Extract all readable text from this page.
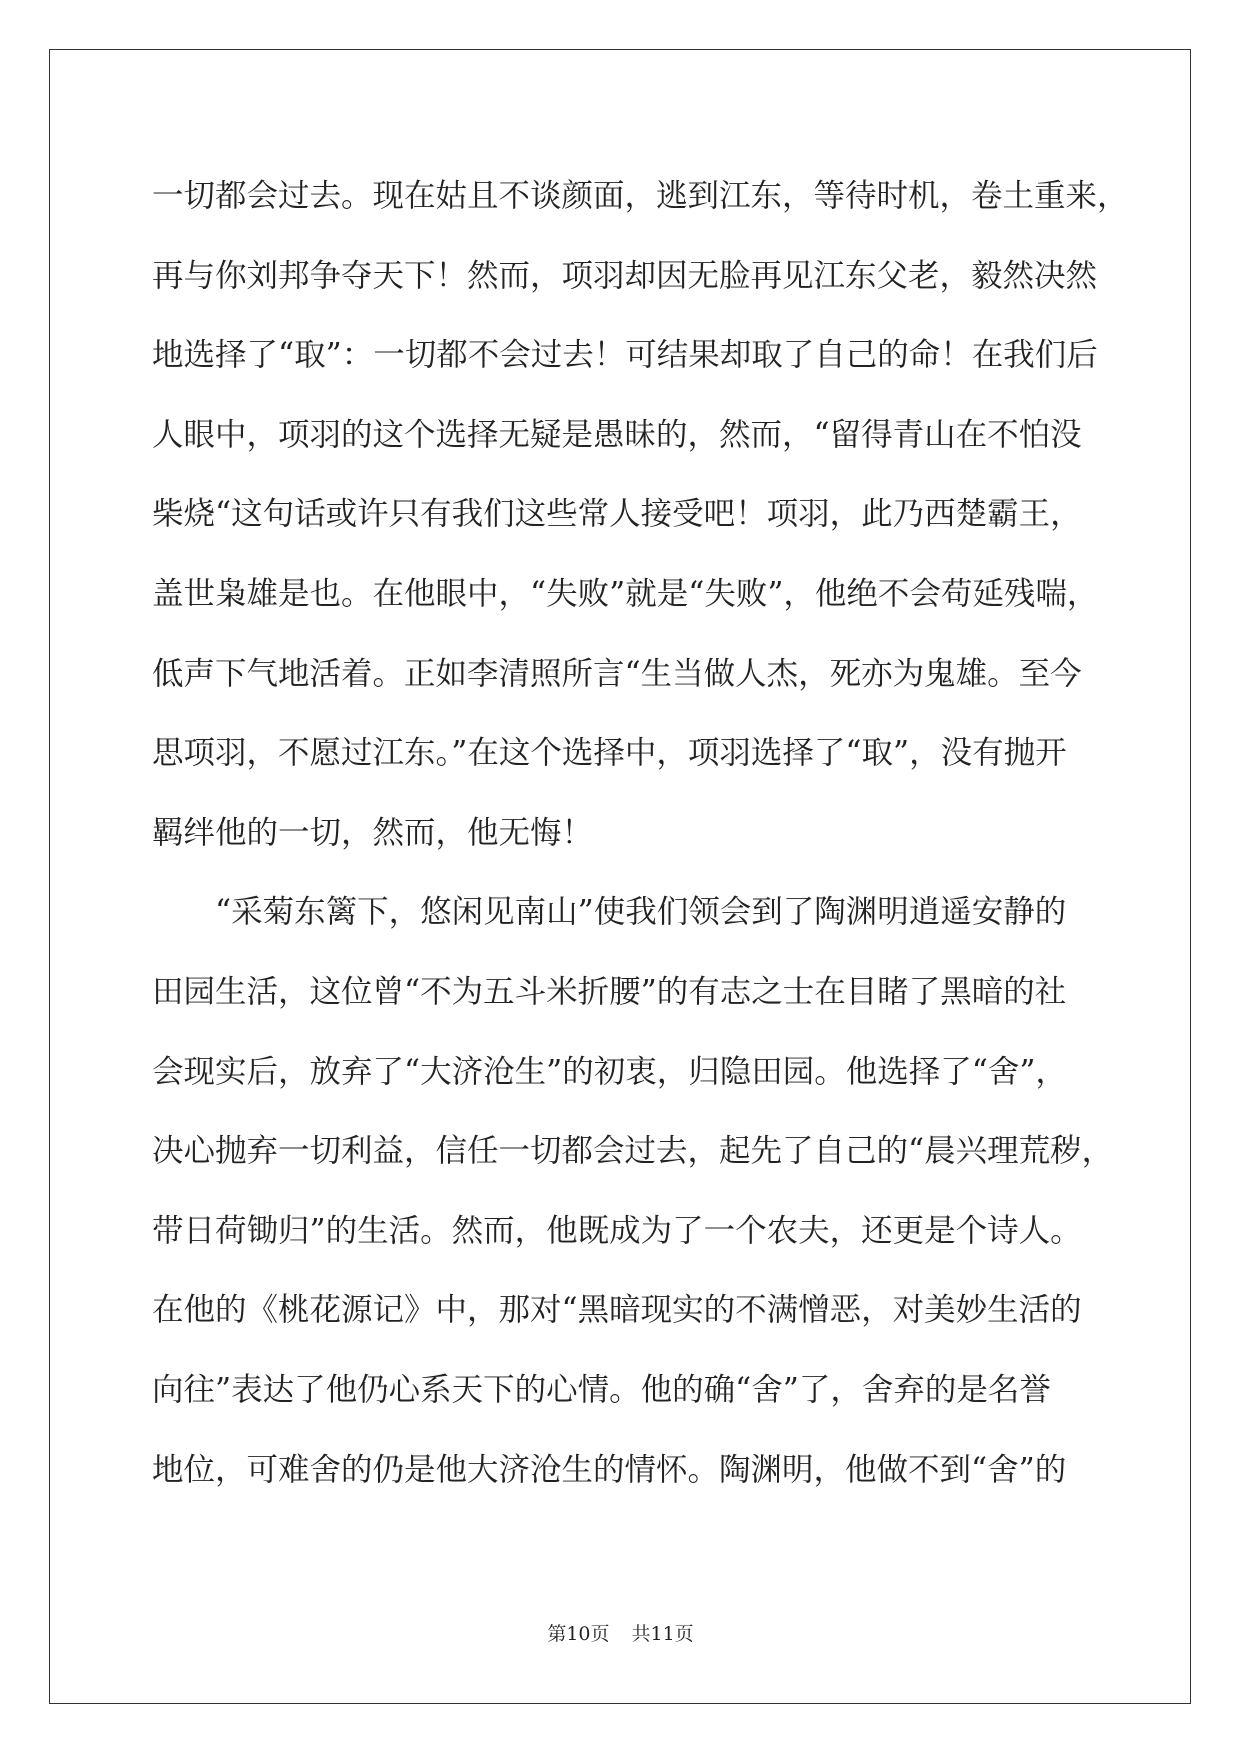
一切都会过去。现在姑且不谈颜面，逃到江东，等待时机，卷土重来，
再与你刘邦争夺天下！然而，项羽却因无脸再见江东父老，毅然决然
地选择了“取”：一切都不会过去！可结果却取了自己的命！在我们后
人眼中，项羽的这个选择无疑是愚昧的，然而，“留得青山在不怕没
柴烧“这句话或许只有我们这些常人接受吧！项羽，此乃西楚霸王，
盖世枭雄是也。在他眼中，“失败”就是“失败”，他绝不会苟延残喘，
低声下气地活着。正如李清照所言“生当做人杰，死亦为鬼雄。至今
思项羽，不愿过江东。”在这个选择中，项羽选择了“取”，没有抛开
羁绊他的一切，然而，他无悔！
“采菊东篱下，悠闲见南山”使我们领会到了陶渊明逍遥安静的
田园生活，这位曾“不为五斗米折腰”的有志之士在目睹了黑暗的社
会现实后，放弃了“大济沧生”的初衷，归隐田园。他选择了“舍”，
决心抛弃一切利益，信任一切都会过去，起先了自己的“晨兴理荒秽，
带日荷锄归”的生活。然而，他既成为了一个农夫，还更是个诗人。
在他的《桃花源记》中，那对“黑暗现实的不满憎恶，对美妙生活的
向往”表达了他仍心系天下的心情。他的确“舍”了，舍弃的是名誉
地位，可难舍的仍是他大济沧生的情怀。陶渊明，他做不到“舍”的
第10页 共11页
